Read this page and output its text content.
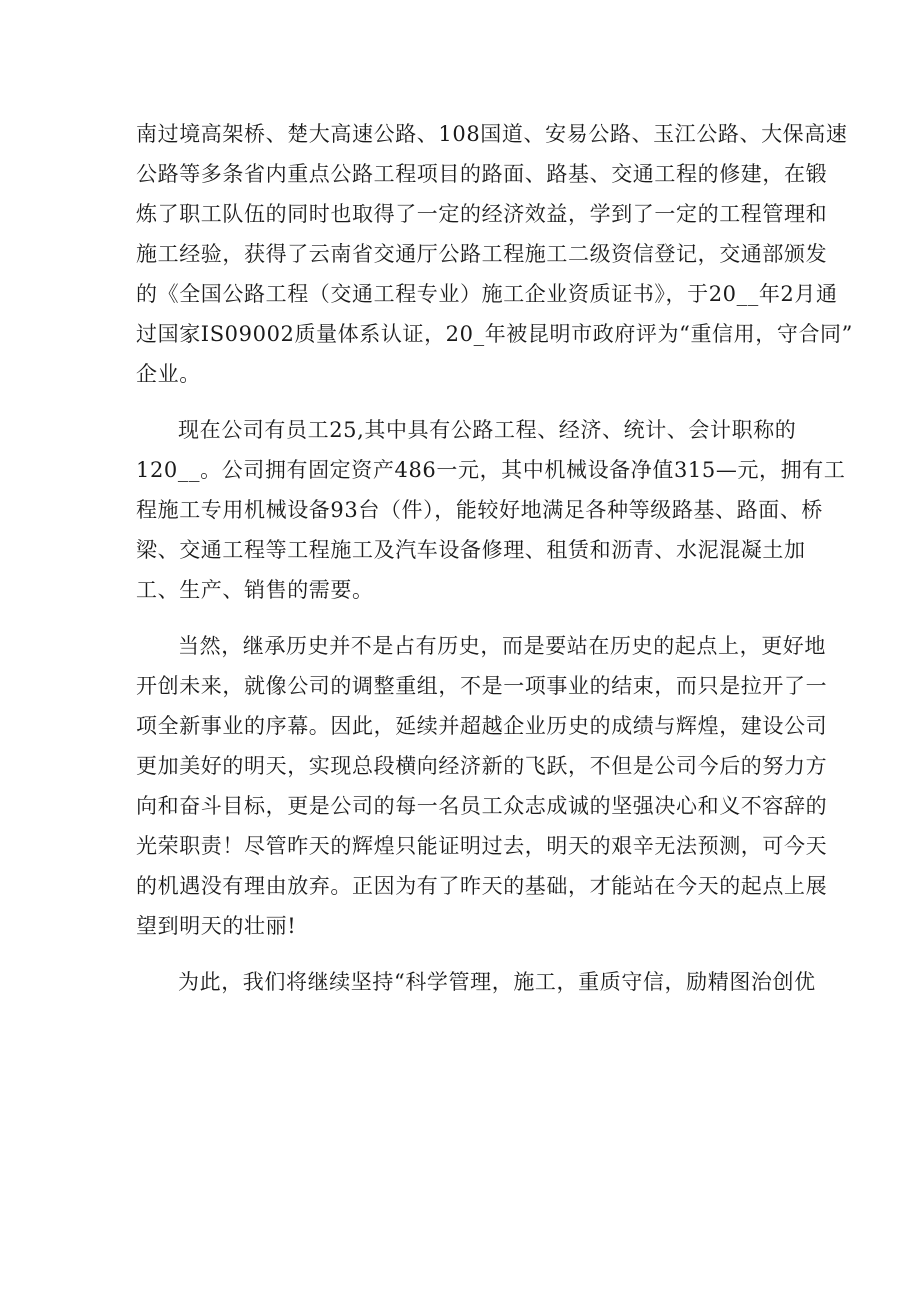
南过境高架桥、楚大高速公路、108国道、安易公路、玉江公路、大保高速
公路等多条省内重点公路工程项目的路面、路基、交通工程的修建，在锻
炼了职工队伍的同时也取得了一定的经济效益，学到了一定的工程管理和
施工经验，获得了云南省交通厅公路工程施工二级资信登记，交通部颁发
的《全国公路工程（交通工程专业）施工企业资质证书》，于20__年2月通
过国家IS09002质量体系认证，20_年被昆明市政府评为“重信用，守合同”
企业。

现在公司有员工25,其中具有公路工程、经济、统计、会计职称的
120__。公司拥有固定资产486一元，其中机械设备净值315—元，拥有工
程施工专用机械设备93台（件），能较好地满足各种等级路基、路面、桥
梁、交通工程等工程施工及汽车设备修理、租赁和沥青、水泥混凝土加
工、生产、销售的需要。

当然，继承历史并不是占有历史，而是要站在历史的起点上，更好地
开创未来，就像公司的调整重组，不是一项事业的结束，而只是拉开了一
项全新事业的序幕。因此，延续并超越企业历史的成绩与辉煌，建设公司
更加美好的明天，实现总段横向经济新的飞跃，不但是公司今后的努力方
向和奋斗目标，更是公司的每一名员工众志成诚的坚强决心和义不容辞的
光荣职责！尽管昨天的辉煌只能证明过去，明天的艰辛无法预测，可今天
的机遇没有理由放弃。正因为有了昨天的基础，才能站在今天的起点上展
望到明天的壮丽!

为此，我们将继续坚持“科学管理，施工，重质守信，励精图治创优
